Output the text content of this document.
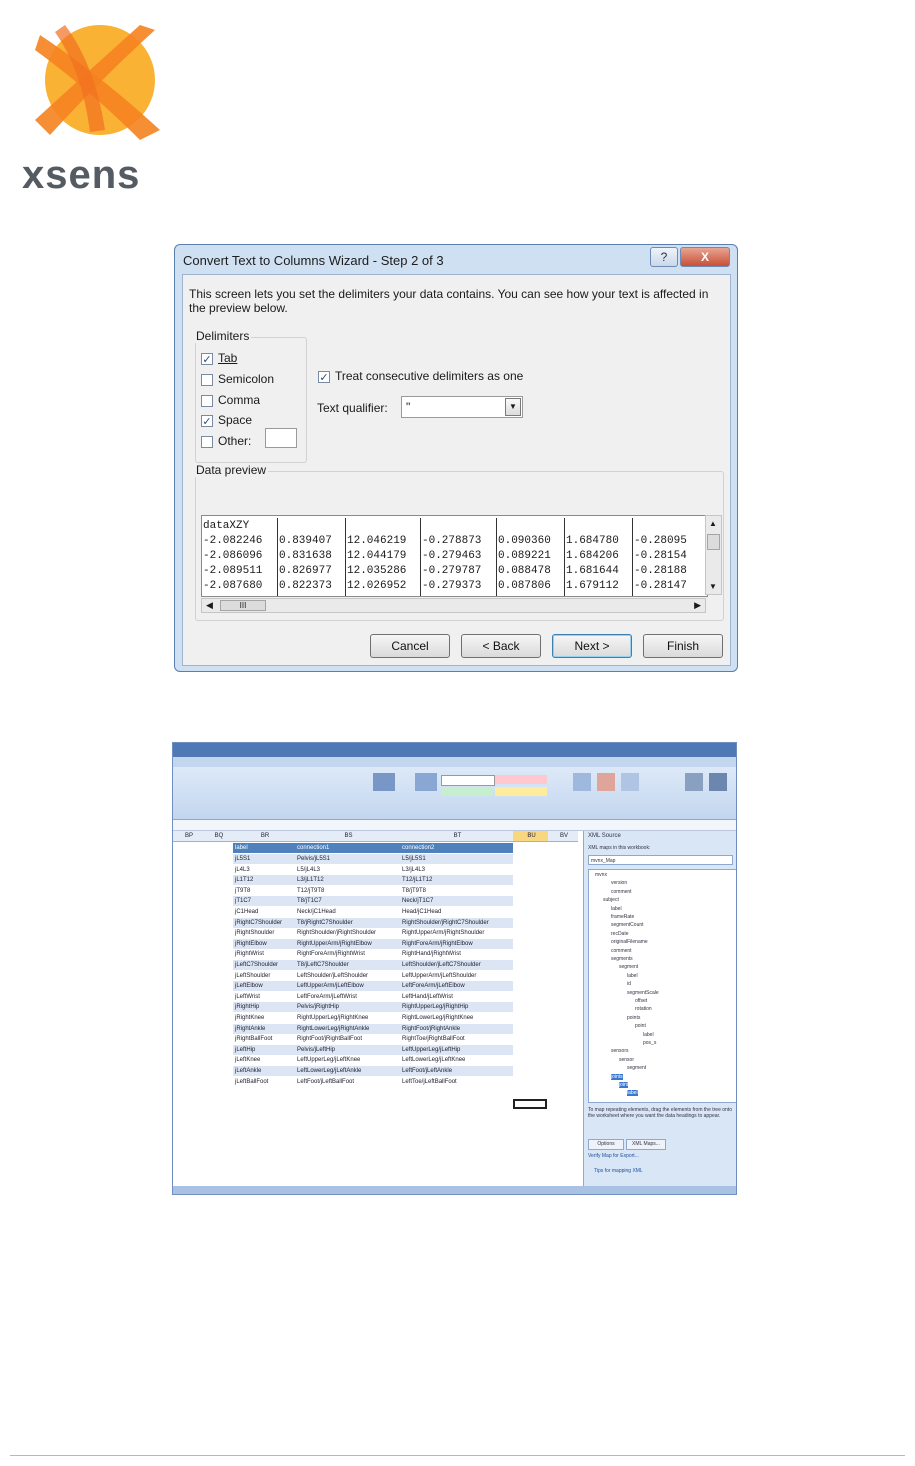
xsens
Convert Text to Columns Wizard - Step 2 of 3	?	X
This screen lets you set the delimiters your data contains. You can see how your text is affected in the preview below.
Delimiters
✓ Tab
Semicolon
Comma
✓ Space
Other:
✓ Treat consecutive delimiters as one
Text qualifier:	"	▼
Data preview
dataXZY
-2.082246 0.839407 12.046219 -0.278873 0.090360 1.684780 -0.28095
-2.086096 0.831638 12.044179 -0.279463 0.089221 1.684206 -0.28154
-2.089511 0.826977 12.035286 -0.279787 0.088478 1.681644 -0.28188
-2.087680 0.822373 12.026952 -0.279373 0.087806 1.679112 -0.28147
▲
▼
◀	III	▶
Cancel	< Back	Next >	Finish
BP	BQ	BR	BS	BT	BU	BV
label	connection1	connection2
jL5S1	Pelvis/jL5S1	L5/jL5S1
jL4L3	L5/jL4L3	L3/jL4L3
jL1T12	L3/jL1T12	T12/jL1T12
jT9T8	T12/jT9T8	T8/jT9T8
jT1C7	T8/jT1C7	Neck/jT1C7
jC1Head	Neck/jC1Head	Head/jC1Head
jRightC7Shoulder	T8/jRightC7Shoulder	RightShoulder/jRightC7Shoulder
jRightShoulder	RightShoulder/jRightShoulder	RightUpperArm/jRightShoulder
jRightElbow	RightUpperArm/jRightElbow	RightForeArm/jRightElbow
jRightWrist	RightForeArm/jRightWrist	RightHand/jRightWrist
jLeftC7Shoulder	T8/jLeftC7Shoulder	LeftShoulder/jLeftC7Shoulder
jLeftShoulder	LeftShoulder/jLeftShoulder	LeftUpperArm/jLeftShoulder
jLeftElbow	LeftUpperArm/jLeftElbow	LeftForeArm/jLeftElbow
jLeftWrist	LeftForeArm/jLeftWrist	LeftHand/jLeftWrist
jRightHip	Pelvis/jRightHip	RightUpperLeg/jRightHip
jRightKnee	RightUpperLeg/jRightKnee	RightLowerLeg/jRightKnee
jRightAnkle	RightLowerLeg/jRightAnkle	RightFoot/jRightAnkle
jRightBallFoot	RightFoot/jRightBallFoot	RightToe/jRightBallFoot
jLeftHip	Pelvis/jLeftHip	LeftUpperLeg/jLeftHip
jLeftKnee	LeftUpperLeg/jLeftKnee	LeftLowerLeg/jLeftKnee
jLeftAnkle	LeftLowerLeg/jLeftAnkle	LeftFoot/jLeftAnkle
jLeftBallFoot	LeftFoot/jLeftBallFoot	LeftToe/jLeftBallFoot
XML Source
XML maps in this workbook:
mvnx_Map
mvnx
version
comment
subject
label
frameRate
segmentCount
recDate
originalFilename
comment
segments
segment
label
id
segmentScale
offset
rotation
points
point
label
pos_s
sensors
sensor
segment
joints
joint
label
To map repeating elements, drag the elements from the tree onto the worksheet where you want the data headings to appear.
Options	XML Maps...
Verify Map for Export...
Tips for mapping XML
